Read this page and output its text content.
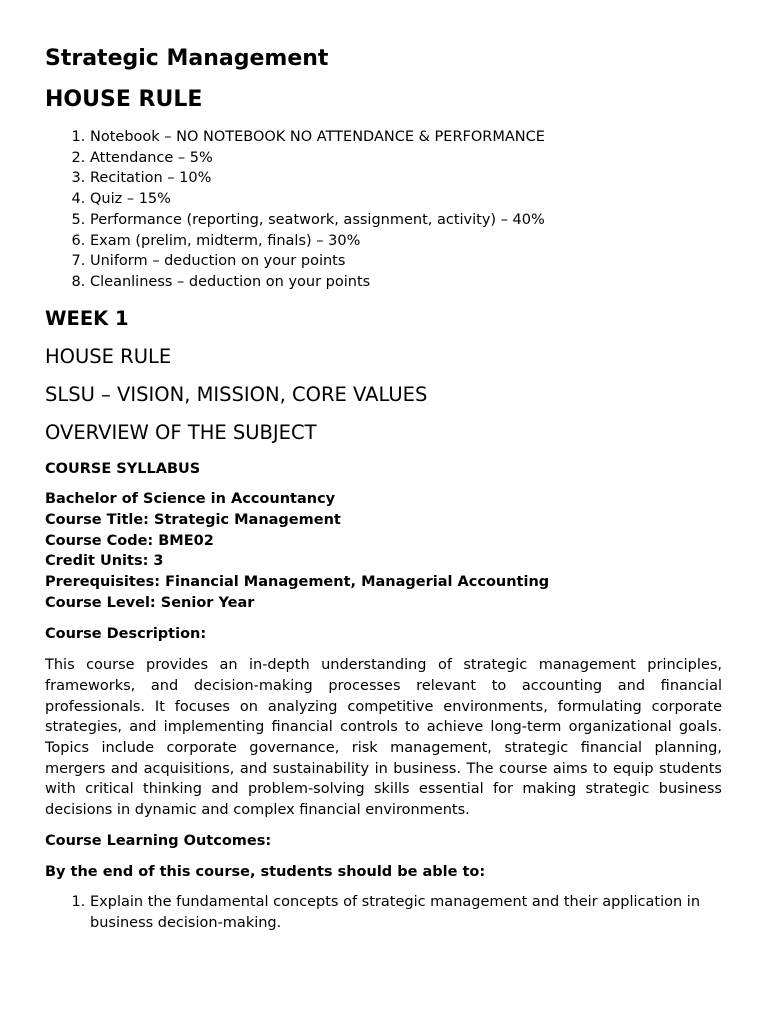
Strategic Management
HOUSE RULE
1. Notebook – NO NOTEBOOK NO ATTENDANCE & PERFORMANCE
2. Attendance – 5%
3. Recitation – 10%
4. Quiz – 15%
5. Performance (reporting, seatwork, assignment, activity) – 40%
6. Exam (prelim, midterm, finals) – 30%
7. Uniform – deduction on your points
8. Cleanliness – deduction on your points
WEEK 1
HOUSE RULE
SLSU – VISION, MISSION, CORE VALUES
OVERVIEW OF THE SUBJECT

COURSE SYLLABUS

Bachelor of Science in Accountancy
Course Title: Strategic Management
Course Code: BME02
Credit Units: 3
Prerequisites: Financial Management, Managerial Accounting
Course Level: Senior Year

Course Description:

This course provides an in-depth understanding of strategic management principles, frameworks, and decision-making processes relevant to accounting and financial professionals. It focuses on analyzing competitive environments, formulating corporate strategies, and implementing financial controls to achieve long-term organizational goals. Topics include corporate governance, risk management, strategic financial planning, mergers and acquisitions, and sustainability in business. The course aims to equip students with critical thinking and problem-solving skills essential for making strategic business decisions in dynamic and complex financial environments.

Course Learning Outcomes:

By the end of this course, students should be able to:

1. Explain the fundamental concepts of strategic management and their application in business decision-making.
